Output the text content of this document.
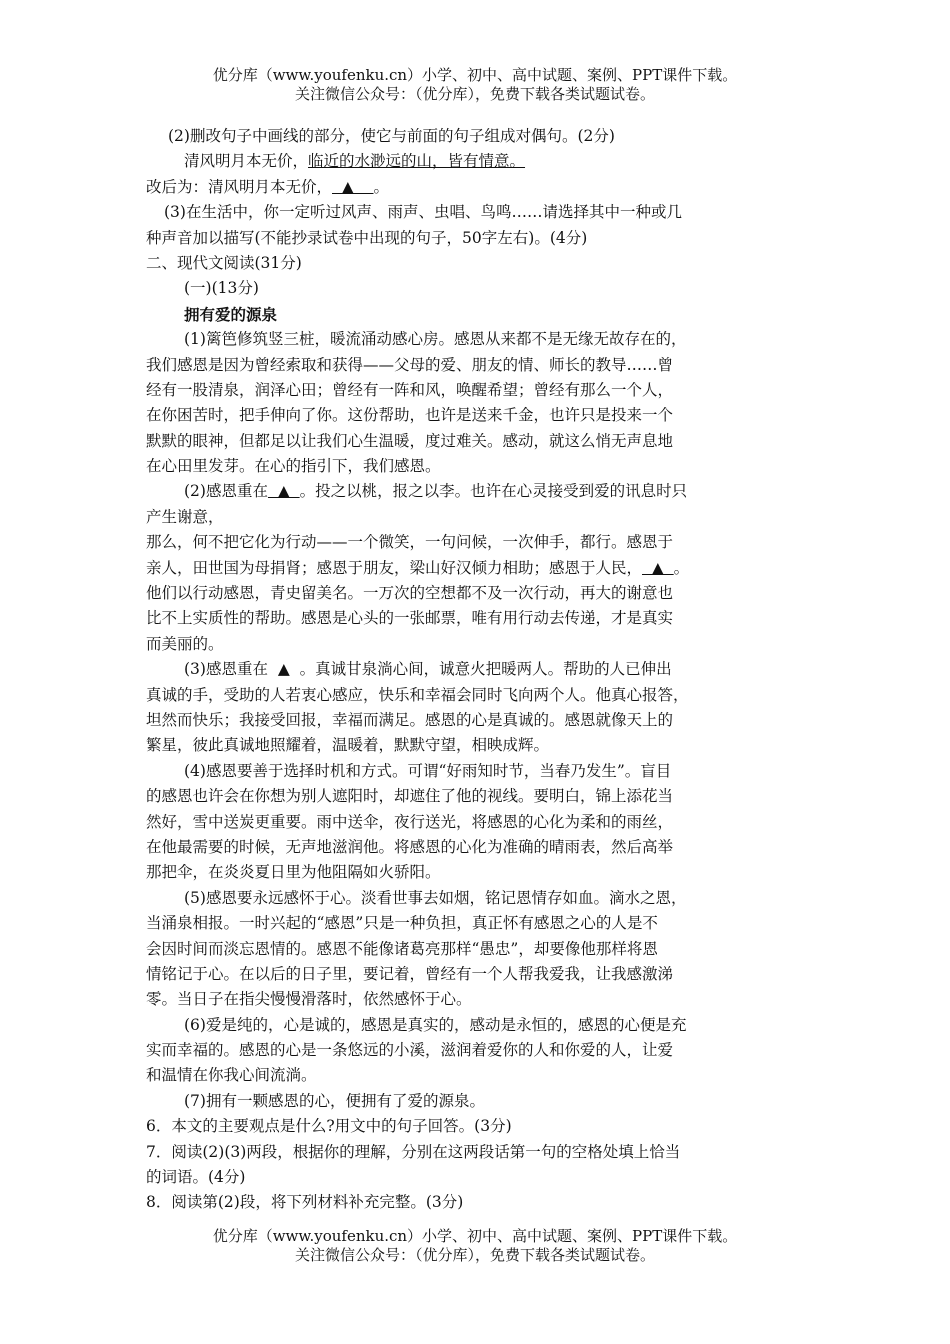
优分库（www.youfenku.cn）小学、初中、高中试题、案例、PPT课件下载。
关注微信公众号：（优分库），免费下载各类试题试卷。
(2)删改句子中画线的部分，使它与前面的句子组成对偶句。(2分)
清风明月本无价，临近的水渺远的山，皆有情意。
改后为：清风明月本无价，  ▲    。
(3)在生活中，你一定听过风声、雨声、虫唱、鸟鸣……请选择其中一种或几
种声音加以描写(不能抄录试卷中出现的句子，50字左右)。(4分)
二、现代文阅读(31分)
(一)(13分)
拥有爱的源泉
(1)篱笆修筑竖三桩，暖流涌动感心房。感恩从来都不是无缘无故存在的，
我们感恩是因为曾经索取和获得——父母的爱、朋友的情、师长的教导……曾
经有一股清泉，润泽心田；曾经有一阵和风，唤醒希望；曾经有那么一个人，
在你困苦时，把手伸向了你。这份帮助，也许是送来千金，也许只是投来一个
默默的眼神，但都足以让我们心生温暖，度过难关。感动，就这么悄无声息地
在心田里发芽。在心的指引下，我们感恩。
(2)感恩重在  ▲  。投之以桃，报之以李。也许在心灵接受到爱的讯息时只
产生谢意，
那么，何不把它化为行动——一个微笑，一句问候，一次伸手，都行。感恩于
亲人，田世国为母捐肾；感恩于朋友，梁山好汉倾力相助；感恩于人民，  ▲  。
他们以行动感恩，青史留美名。一万次的空想都不及一次行动，再大的谢意也
比不上实质性的帮助。感恩是心头的一张邮票，唯有用行动去传递，才是真实
而美丽的。
(3)感恩重在  ▲  。真诚甘泉淌心间，诚意火把暖两人。帮助的人已伸出
真诚的手，受助的人若衷心感应，快乐和幸福会同时飞向两个人。他真心报答，
坦然而快乐；我接受回报，幸福而满足。感恩的心是真诚的。感恩就像天上的
繁星，彼此真诚地照耀着，温暖着，默默守望，相映成辉。
(4)感恩要善于选择时机和方式。可谓“好雨知时节，当春乃发生”。盲目
的感恩也许会在你想为别人遮阳时，却遮住了他的视线。要明白，锦上添花当
然好，雪中送炭更重要。雨中送伞，夜行送光，将感恩的心化为柔和的雨丝，
在他最需要的时候，无声地滋润他。将感恩的心化为准确的晴雨表，然后高举
那把伞，在炎炎夏日里为他阻隔如火骄阳。
(5)感恩要永远感怀于心。淡看世事去如烟，铭记恩情存如血。滴水之恩，
当涌泉相报。一时兴起的“感恩”只是一种负担，真正怀有感恩之心的人是不
会因时间而淡忘恩情的。感恩不能像诸葛亮那样“愚忠”，却要像他那样将恩
情铭记于心。在以后的日子里，要记着，曾经有一个人帮我爱我，让我感激涕
零。当日子在指尖慢慢滑落时，依然感怀于心。
(6)爱是纯的，心是诚的，感恩是真实的，感动是永恒的，感恩的心便是充
实而幸福的。感恩的心是一条悠远的小溪，滋润着爱你的人和你爱的人，让爱
和温情在你我心间流淌。
(7)拥有一颗感恩的心，便拥有了爱的源泉。
6．本文的主要观点是什么?用文中的句子回答。(3分)
7．阅读(2)(3)两段，根据你的理解，分别在这两段话第一句的空格处填上恰当
的词语。(4分)
8．阅读第(2)段，将下列材料补充完整。(3分)
优分库（www.youfenku.cn）小学、初中、高中试题、案例、PPT课件下载。
关注微信公众号：（优分库），免费下载各类试题试卷。
